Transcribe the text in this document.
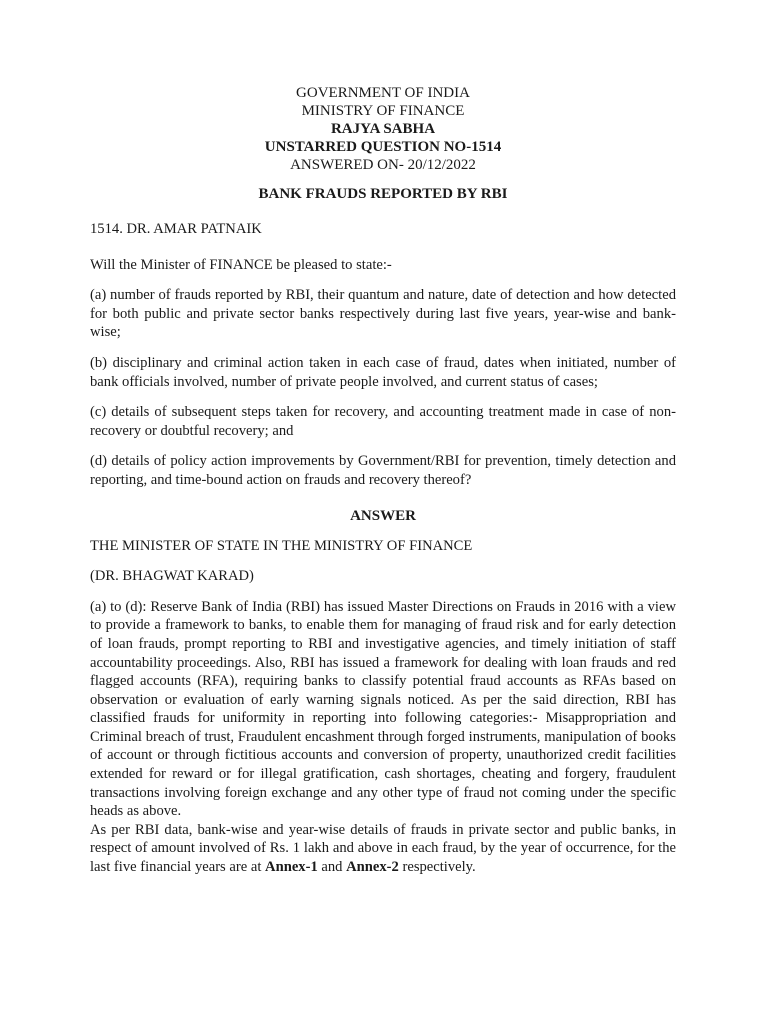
GOVERNMENT OF INDIA
MINISTRY OF FINANCE
RAJYA SABHA
UNSTARRED QUESTION NO-1514
ANSWERED ON- 20/12/2022
BANK FRAUDS REPORTED BY RBI

1514. DR. AMAR PATNAIK

Will the Minister of FINANCE be pleased to state:-

(a) number of frauds reported by RBI, their quantum and nature, date of detection and how detected for both public and private sector banks respectively during last five years, year-wise and bank-wise;

(b) disciplinary and criminal action taken in each case of fraud, dates when initiated, number of bank officials involved, number of private people involved, and current status of cases;

(c) details of subsequent steps taken for recovery, and accounting treatment made in case of non-recovery or doubtful recovery; and

(d) details of policy action improvements by Government/RBI for prevention, timely detection and reporting, and time-bound action on frauds and recovery thereof?

ANSWER

THE MINISTER OF STATE IN THE MINISTRY OF FINANCE

(DR. BHAGWAT KARAD)

(a) to (d): Reserve Bank of India (RBI) has issued Master Directions on Frauds in 2016 with a view to provide a framework to banks, to enable them for managing of fraud risk and for early detection of loan frauds, prompt reporting to RBI and investigative agencies, and timely initiation of staff accountability proceedings. Also, RBI has issued a framework for dealing with loan frauds and red flagged accounts (RFA), requiring banks to classify potential fraud accounts as RFAs based on observation or evaluation of early warning signals noticed. As per the said direction, RBI has classified frauds for uniformity in reporting into following categories:- Misappropriation and Criminal breach of trust, Fraudulent encashment through forged instruments, manipulation of books of account or through fictitious accounts and conversion of property, unauthorized credit facilities extended for reward or for illegal gratification, cash shortages, cheating and forgery, fraudulent transactions involving foreign exchange and any other type of fraud not coming under the specific heads as above.

As per RBI data, bank-wise and year-wise details of frauds in private sector and public banks, in respect of amount involved of Rs. 1 lakh and above in each fraud, by the year of occurrence, for the last five financial years are at Annex-1 and Annex-2 respectively.
